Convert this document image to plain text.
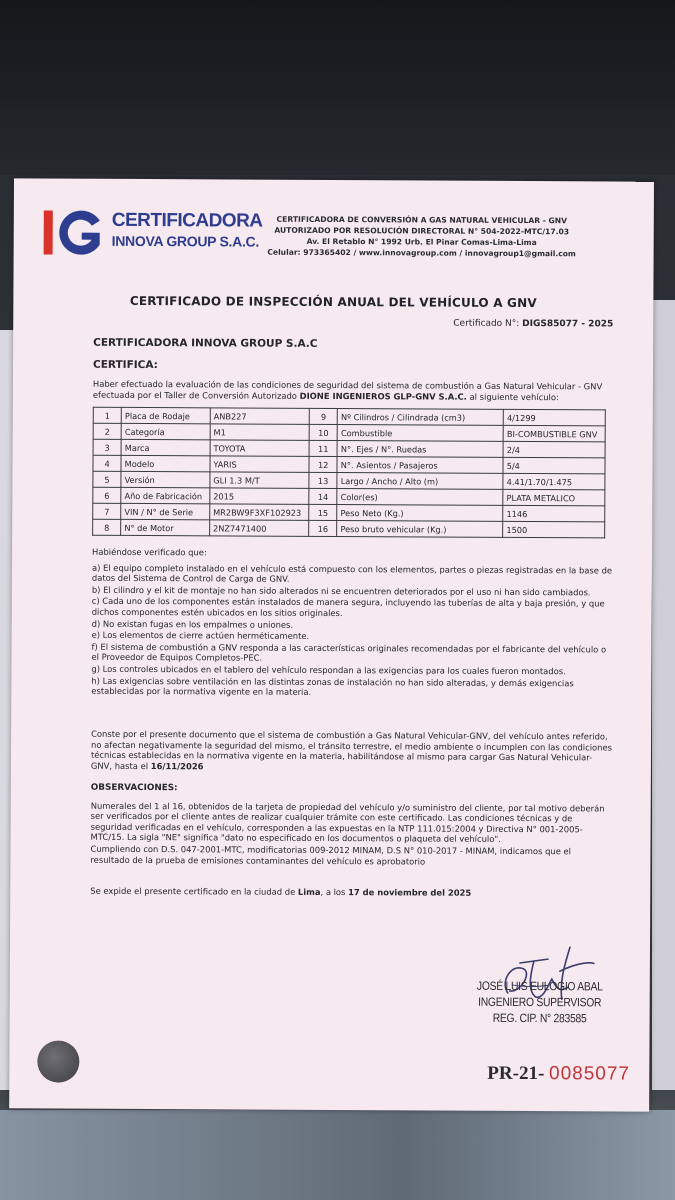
CERTIFICADORA
INNOVA GROUP S.A.C.
CERTIFICADORA DE CONVERSIÓN A GAS NATURAL VEHICULAR - GNV
AUTORIZADO POR RESOLUCIÓN DIRECTORAL N° 504-2022-MTC/17.03
Av. El Retablo N° 1992 Urb. El Pinar Comas-Lima-Lima
Celular: 973365402 / www.innovagroup.com / innovagroup1@gmail.com
CERTIFICADO DE INSPECCIÓN ANUAL DEL VEHÍCULO A GNV
Certificado N°: DIGS85077 - 2025
CERTIFICADORA INNOVA GROUP S.A.C
CERTIFICA:
Haber efectuado la evaluación de las condiciones de seguridad del sistema de combustión a Gas Natural Vehicular - GNV efectuada por el Taller de Conversión Autorizado DIONE INGENIEROS GLP-GNV S.A.C. al siguiente vehículo:
1	Placa de Rodaje	ANB227	9	Nº Cilindros / Cilindrada (cm3)	4/1299
2	Categoría	M1	10	Combustible	BI-COMBUSTIBLE GNV
3	Marca	TOYOTA	11	N°. Ejes / N°. Ruedas	2/4
4	Modelo	YARIS	12	N°. Asientos / Pasajeros	5/4
5	Versión	GLI 1.3 M/T	13	Largo / Ancho / Alto (m)	4.41/1.70/1.475
6	Año de Fabricación	2015	14	Color(es)	PLATA METALICO
7	VIN / N° de Serie	MR2BW9F3XF102923	15	Peso Neto (Kg.)	1146
8	N° de Motor	2NZ7471400	16	Peso bruto vehicular (Kg.)	1500

Habiéndose verificado que:

a) El equipo completo instalado en el vehículo está compuesto con los elementos, partes o piezas registradas en la base de datos del Sistema de Control de Carga de GNV.

b) El cilindro y el kit de montaje no han sido alterados ni se encuentren deteriorados por el uso ni han sido cambiados.

c) Cada uno de los componentes están instalados de manera segura, incluyendo las tuberías de alta y baja presión, y que dichos componentes estén ubicados en los sitios originales.

d) No existan fugas en los empalmes o uniones.

e) Los elementos de cierre actúen herméticamente.

f) El sistema de combustión a GNV responda a las características originales recomendadas por el fabricante del vehículo o el Proveedor de Equipos Completos-PEC.

g) Los controles ubicados en el tablero del vehículo respondan a las exigencias para los cuales fueron montados.

h) Las exigencias sobre ventilación en las distintas zonas de instalación no han sido alteradas, y demás exigencias establecidas por la normativa vigente en la materia.

Conste por el presente documento que el sistema de combustión a Gas Natural Vehicular-GNV, del vehículo antes referido, no afectan negativamente la seguridad del mismo, el tránsito terrestre, el medio ambiente o incumplen con las condiciones técnicas establecidas en la normativa vigente en la materia, habilitándose al mismo para cargar Gas Natural Vehicular-GNV, hasta el 16/11/2026

OBSERVACIONES:

Numerales del 1 al 16, obtenidos de la tarjeta de propiedad del vehículo y/o suministro del cliente, por tal motivo deberán ser verificados por el cliente antes de realizar cualquier trámite con este certificado. Las condiciones técnicas y de seguridad verificadas en el vehículo, corresponden a las expuestas en la NTP 111.015:2004 y Directiva N° 001-2005-MTC/15. La sigla "NE" significa "dato no especificado en los documentos o plaqueta del vehículo".

Cumpliendo con D.S. 047-2001-MTC, modificatorias 009-2012 MINAM, D.S N° 010-2017 - MINAM, indicamos que el resultado de la prueba de emisiones contaminantes del vehículo es aprobatorio

Se expide el presente certificado en la ciudad de Lima, a los 17 de noviembre del 2025
JOSÉ LUIS EULOGIO ABAL
INGENIERO SUPERVISOR
REG. CIP. N° 283585
PR-21- 0085077
